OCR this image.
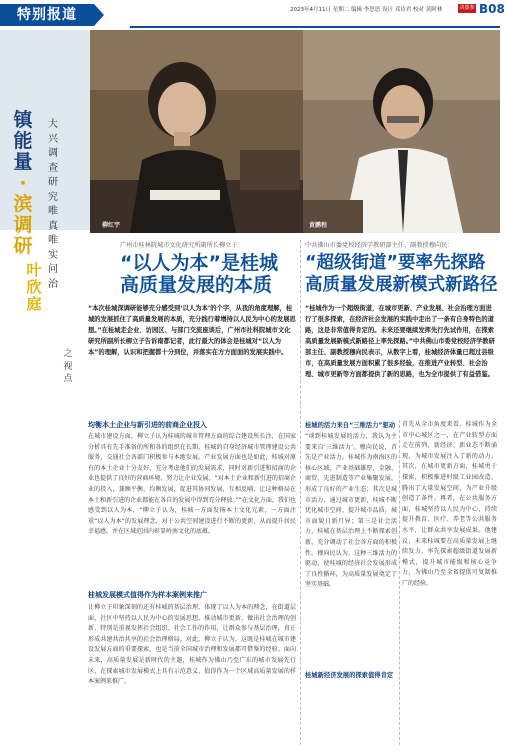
特别报道	2023年4月11日 星期二 编辑 李思思 设计 邓诗君 校对 黄阿林	决策参考
B08
镇
能
量
·
滨
调
研
大
兴
调
查
研
究
唯
真
唯
实
问
治
之
视
点
叶
欣
庭
柳红宇	黄鹏程
广州市桂林院城市文化研究所副所长柳立子：
“以人为本”是桂城
高质量发展的本质
“本次桂城深调研能够充分感受到‘以人为本’的个字，从我的角度理解，桂城的发展抓住了高质量发展的本质，充分践行着增持以人民为中心的发展思想。”在桂城走企业、访园区、与部门交流座谈后，广州市社科院城市文化研究所副所长柳立子告诉南都记者，此行最大的体会是桂城对“以人为本”的理解，认识和把握都十分到位，并落实在方方面面的发展实践中。
均衡本土企业与新引进的前商企业投入
在城市建设方面，柳立子认为桂城的城市管理方面的综合建设所长注，在国家分析具有先手准备的所和各的组织在长期，桂城的自身经济城市管理建设公共服务，交通社会各部门积极参与本地发展。产业发展方面也是如此，桂城对原有的本土企业十分友好，充分考虑他们的发展需求，同时对新引进和招商的企业也提供了良好的营商环境，努力让企业发展。“对本土企业和新引进的招商企业的投入，兼顾平衡，均衡发展，促进其协同发展，互相反哺，让这种格局在本土和新引进的企业都能在各自的发展中得到充分释放。”“在文化方面，我们也感受到以人为本，“柳立子认为，桂城一方面发扬本土文化元素，一方面注重“以人为本”的发展理念，对于公共空间建设进行不断的更新，从而提升居民幸福感，并在区域范围内彰显岭南文化的底蕴。
桂城发展模式值得作为样本案例来推广
让柳立子印象深刻的还有桂城的基层治理，体现了以人为本的理念，在街道层面，社区中坚持以人民为中心的发展思想，推动城市更新，做出社会治理的创新，特别是重视发挥社会组织、社会工作的作用，让群众参与基层治理，真正形成共建共治共享的社会治理格局。对此，柳立子认为，这既是桂城在城市建设发展方面的重要探索，也是当前全国城市治理和发展都可借鉴的经验。面向未来，高质量发展是新时代的主题，桂城作为佛山乃至广东的城市发展先行区，在探索城市发展模式上具有示范意义，值得作为一个区域高质量发展的样本案例来推广。
中共佛山市委党校经济学教研部主任、副教授穆向民：
“超级街道”要率先探路
高质量发展新模式新路径
“桂城作为一个超级街道，在城市更新、产业发展、社会治理方面进行了很多探索，在经济社会发展的实践中走出了一条有自身特色的道路，这是非常值得肯定的。未来还要继续发挥先行先试作用，在探索高质量发展新模式新路径上率先探路。”中共佛山市委党校经济学教研部主任、副教授穆向民表示，从数字上看，桂城经济体量已超过县级市，在高质量发展方面积累了很多经验，在推进产业转型、社会治理、城市更新等方面都提供了新的思路，也为全市提供了有益借鉴。
桂城的活力来自“三维活力”驱动
“谈到桂城发展的活力，我认为主要来自‘三维活力’。穆向民说，首先是产业活力。桂城作为南海区的核心区域，产业基础雄厚，金融、商贸、先进制造等产业集聚发展，形成了良好的产业生态；其次是城市活力，通过城市更新，桂城不断优化城市空间、提升城市品质，城市面貌日新月异；第三是社会活力，桂城在基层治理上不断探索创新，充分调动了社会各方面的积极性。穆向民认为，这种三维活力的驱动，使桂城的经济社会发展形成了良性循环，为高质量发展奠定了坚实基础。
桂城新经济发展的探索值得肯定
首先从全市角度来看，桂城作为全市中心城区之一，在产业转型方面走在前列，新经济、新业态不断涌现，为城市发展注入了新的动力。其次，在城市更新方面，桂城勇于探索，积极推进村级工业园改造，腾出了大量发展空间，为产业升级创造了条件。再者，在公共服务方面，桂城坚持以人民为中心，持续提升教育、医疗、养老等公共服务水平，让群众共享发展成果。他建议，未来桂城要在高质量发展上继续发力，率先探索超级街道发展新模式，提升城市能级和核心竞争力，为佛山乃至全省提供可复制推广的经验。
